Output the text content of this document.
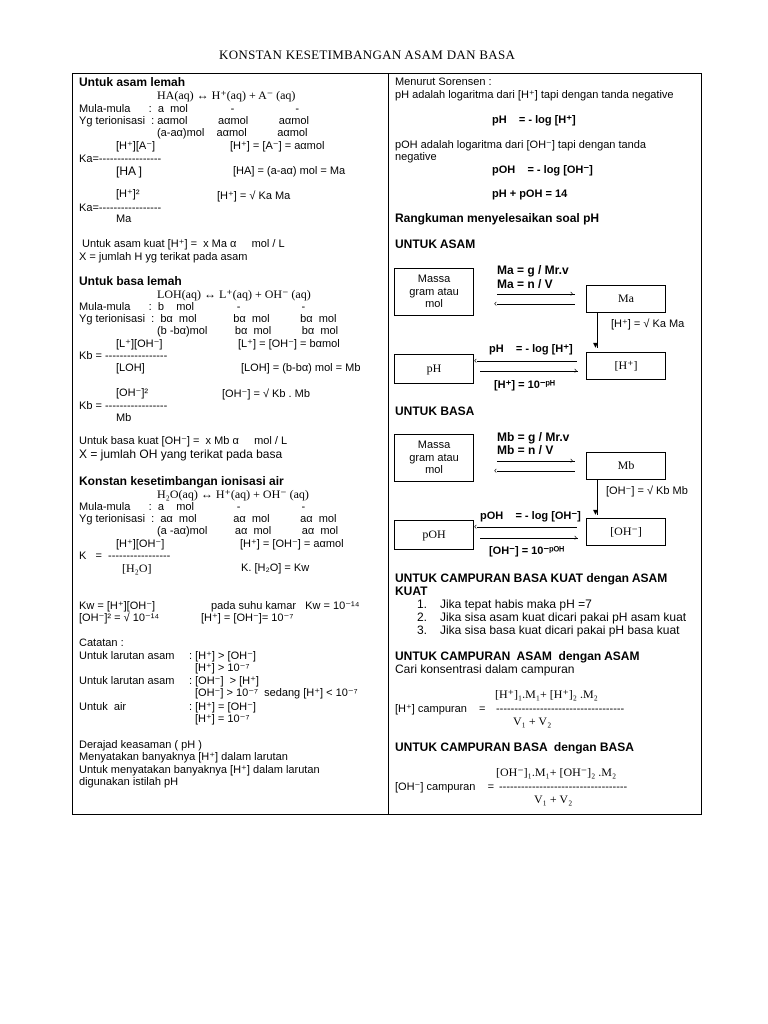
KONSTAN KESETIMBANGAN ASAM DAN BASA
Untuk asam lemah
HA(aq) ↔ H⁺(aq) + A⁻ (aq)
Mula-mula      :  a  mol              -                    -
Yg terionisasi  : aαmol          aαmol          aαmol
(a-aα)mol    aαmol          aαmol
[H⁺][A⁻]	[H⁺] = [A⁻] = aαmol
Ka=-----------------
[HA ]	[HA] = (a-aα) mol = Ma
[H⁺]²	[H⁺] = √ Ka Ma
Ka=-----------------
Ma
Untuk asam kuat [H⁺] =  x Ma α     mol / L
X = jumlah H yg terikat pada asam
Untuk basa lemah
LOH(aq) ↔ L⁺(aq) + OH⁻ (aq)
Mula-mula      :  b    mol              -                    -
Yg terionisasi  :  bα  mol            bα  mol          bα  mol
(b -bα)mol         bα  mol          bα  mol
[L⁺][OH⁻]	[L⁺] = [OH⁻] = bαmol
Kb = -----------------
[LOH]	[LOH] = (b-bα) mol = Mb
[OH⁻]²	[OH⁻] = √ Kb . Mb
Kb = -----------------
Mb
Untuk basa kuat [OH⁻] =  x Mb α     mol / L
X = jumlah OH yang terikat pada basa
Konstan kesetimbangan ionisasi air
H₂O(aq) ↔ H⁺(aq) + OH⁻ (aq)
Mula-mula      :  a    mol              -                    -
Yg terionisasi  :  aα  mol            aα  mol          aα  mol
(a -aα)mol         aα  mol          aα  mol
[H⁺][OH⁻]	[H⁺] = [OH⁻] = aαmol
K   =  -----------------
[H₂O]	K. [H₂O] = Kw
Kw = [H⁺][OH⁻]	pada suhu kamar   Kw = 10⁻¹⁴
[OH⁻]² = √ 10⁻¹⁴	[H⁺] = [OH⁻]= 10⁻⁷
Catatan :
Untuk larutan asam : [H⁺] > [OH⁻]
[H⁺] > 10⁻⁷
Untuk larutan asam : [OH⁻]  > [H⁺]
[OH⁻] > 10⁻⁷  sedang [H⁺] < 10⁻⁷
Untuk  air	: [H⁺] = [OH⁻]
[H⁺] = 10⁻⁷
Derajad keasaman ( pH )
Menyatakan banyaknya [H⁺] dalam larutan
Untuk menyatakan banyaknya [H⁺] dalam larutan
digunakan istilah pH
Menurut Sorensen :
pH adalah logaritma dari [H⁺] tapi dengan tanda negative
pH    = - log [H⁺]
pOH adalah logaritma dari [OH⁻] tapi dengan tanda
negative
pOH    = - log [OH⁻]
pH + pOH = 14
Rangkuman menyelesaikan soal pH
UNTUK ASAM
Massa
gram atau
mol
Ma = g / Mr.v
Ma = n / V
›
‹	Ma
▾
[H⁺] = √ Ka Ma
pH    = - log [H⁺]
pH
‹
›	[H⁺]
[H⁺] = 10⁻ᵖᴴ
UNTUK BASA
Massa
gram atau
mol
Mb = g / Mr.v
Mb = n / V
›
‹	Mb
▾
[OH⁻] = √ Kb Mb
pOH    = - log [OH⁻]
pOH
‹
›	[OH⁻]
[OH⁻] = 10⁻ᵖᴼᴴ
UNTUK CAMPURAN BASA KUAT dengan ASAM
KUAT
1. Jika tepat habis maka pH =7
2. Jika sisa asam kuat dicari pakai pH asam kuat
3. Jika sisa basa kuat dicari pakai pH basa kuat
UNTUK CAMPURAN  ASAM  dengan ASAM
Cari konsentrasi dalam campuran
[H⁺]₁.M₁+ [H⁺]₂ .M₂
[H⁺] campuran    = -----------------------------------
V₁ + V₂
UNTUK CAMPURAN BASA  dengan BASA
[OH⁻]₁.M₁+ [OH⁻]₂ .M₂
[OH⁻] campuran    = -----------------------------------
V₁ + V₂
